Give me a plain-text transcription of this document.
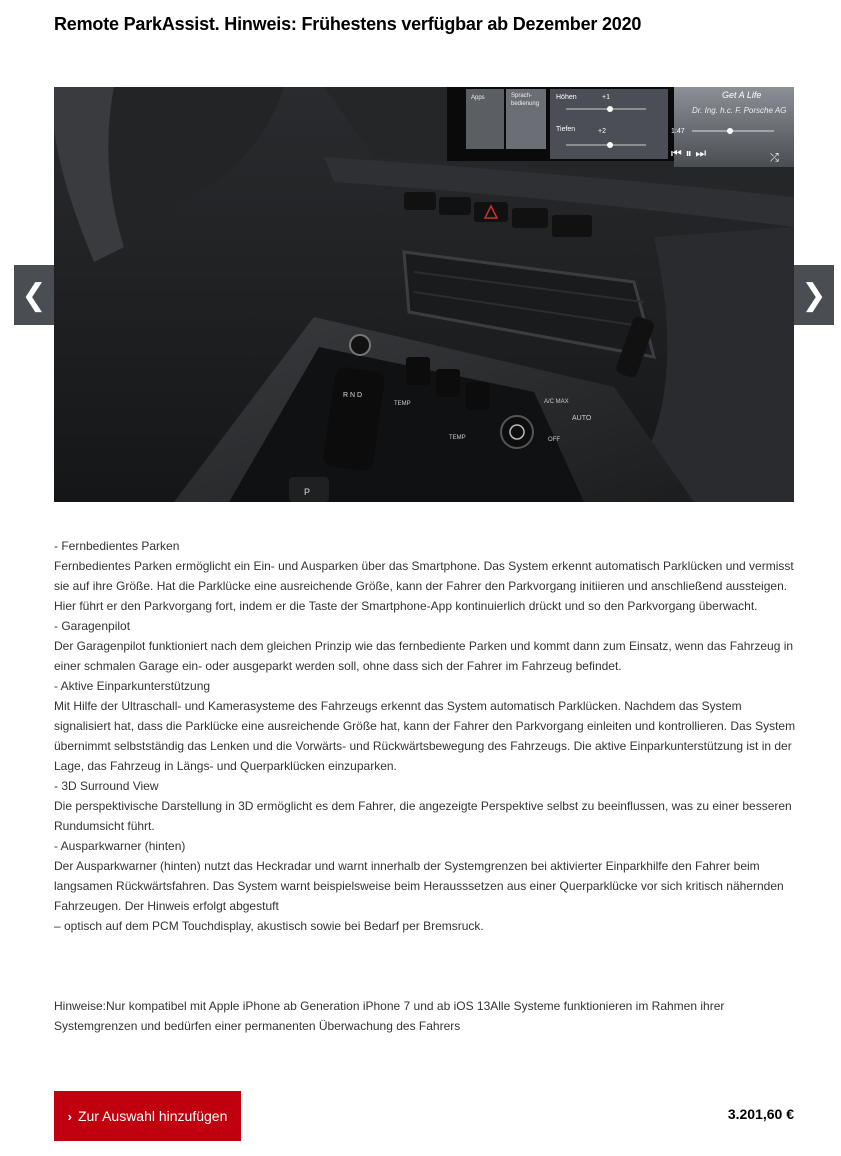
Remote ParkAssist. Hinweis: Frühestens verfügbar ab Dezember 2020
Apps	Sprach-
bedienung
Höhen	+1
Tiefen	+2
Get A Life
Dr. Ing. h.c. F. Porsche AG
1:47
⏮ ⏸ ⏭	⤮
R N D
P
TEMP
TEMP
A/C MAX
AUTO
OFF
❮	❯

- Fernbedientes Parken

Fernbedientes Parken ermöglicht ein Ein- und Ausparken über das Smartphone. Das System erkennt automatisch Parklücken und vermisst sie auf ihre Größe. Hat die Parklücke eine ausreichende Größe, kann der Fahrer den Parkvorgang initiieren und anschließend aussteigen. Hier führt er den Parkvorgang fort, indem er die Taste der Smartphone-App kontinuierlich drückt und so den Parkvorgang überwacht.

- Garagenpilot

Der Garagenpilot funktioniert nach dem gleichen Prinzip wie das fernbediente Parken und kommt dann zum Einsatz, wenn das Fahrzeug in einer schmalen Garage ein- oder ausgeparkt werden soll, ohne dass sich der Fahrer im Fahrzeug befindet.

- Aktive Einparkunterstützung

Mit Hilfe der Ultraschall- und Kamerasysteme des Fahrzeugs erkennt das System automatisch Parklücken. Nachdem das System signalisiert hat, dass die Parklücke eine ausreichende Größe hat, kann der Fahrer den Parkvorgang einleiten und kontrollieren. Das System übernimmt selbstständig das Lenken und die Vorwärts- und Rückwärtsbewegung des Fahrzeugs. Die aktive Einparkunterstützung ist in der Lage, das Fahrzeug in Längs- und Querparklücken einzuparken.

- 3D Surround View

Die perspektivische Darstellung in 3D ermöglicht es dem Fahrer, die angezeigte Perspektive selbst zu beeinflussen, was zu einer besseren Rundumsicht führt.

- Ausparkwarner (hinten)

Der Ausparkwarner (hinten) nutzt das Heckradar und warnt innerhalb der Systemgrenzen bei aktivierter Einparkhilfe den Fahrer beim langsamen Rückwärtsfahren. Das System warnt beispielsweise beim Herausssetzen aus einer Querparklücke vor sich kritisch nähernden Fahrzeugen. Der Hinweis erfolgt abgestuft

– optisch auf dem PCM Touchdisplay, akustisch sowie bei Bedarf per Bremsruck.

Hinweise:Nur kompatibel mit Apple iPhone ab Generation iPhone 7 und ab iOS 13Alle Systeme funktionieren im Rahmen ihrer Systemgrenzen und bedürfen einer permanenten Überwachung des Fahrers
› Zur Auswahl hinzufügen	3.201,60 €
